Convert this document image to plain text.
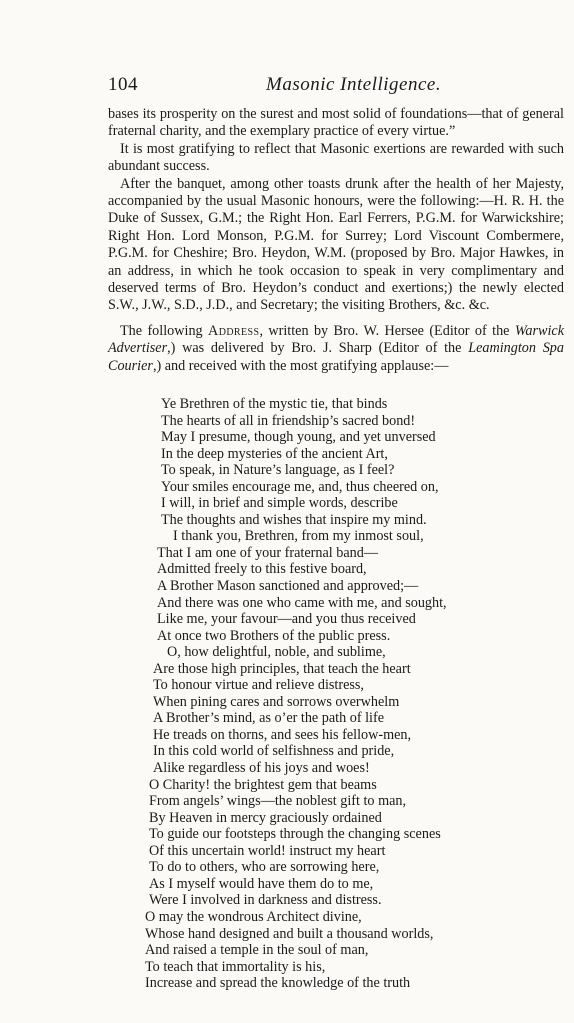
104	Masonic Intelligence.

bases its prosperity on the surest and most solid of foundations—that of general fraternal charity, and the exemplary practice of every virtue.”

It is most gratifying to reflect that Masonic exertions are rewarded with such abundant success.

After the banquet, among other toasts drunk after the health of her Majesty, accompanied by the usual Masonic honours, were the following:—H. R. H. the Duke of Sussex, G.M.; the Right Hon. Earl Ferrers, P.G.M. for Warwickshire; Right Hon. Lord Monson, P.G.M. for Surrey; Lord Viscount Combermere, P.G.M. for Cheshire; Bro. Heydon, W.M. (proposed by Bro. Major Hawkes, in an address, in which he took occasion to speak in very complimentary and deserved terms of Bro. Heydon’s conduct and exertions;) the newly elected S.W., J.W., S.D., J.D., and Secretary; the visiting Brothers, &c. &c.

The following Address, written by Bro. W. Hersee (Editor of the Warwick Advertiser,) was delivered by Bro. J. Sharp (Editor of the Leamington Spa Courier,) and received with the most gratifying applause:—

Ye Brethren of the mystic tie, that binds
The hearts of all in friendship’s sacred bond!
May I presume, though young, and yet unversed
In the deep mysteries of the ancient Art,
To speak, in Nature’s language, as I feel?
Your smiles encourage me, and, thus cheered on,
I will, in brief and simple words, describe
The thoughts and wishes that inspire my mind.
I thank you, Brethren, from my inmost soul,
That I am one of your fraternal band—
Admitted freely to this festive board,
A Brother Mason sanctioned and approved;—
And there was one who came with me, and sought,
Like me, your favour—and you thus received
At once two Brothers of the public press.
O, how delightful, noble, and sublime,
Are those high principles, that teach the heart
To honour virtue and relieve distress,
When pining cares and sorrows overwhelm
A Brother’s mind, as o’er the path of life
He treads on thorns, and sees his fellow-men,
In this cold world of selfishness and pride,
Alike regardless of his joys and woes!
O Charity! the brightest gem that beams
From angels’ wings—the noblest gift to man,
By Heaven in mercy graciously ordained
To guide our footsteps through the changing scenes
Of this uncertain world! instruct my heart
To do to others, who are sorrowing here,
As I myself would have them do to me,
Were I involved in darkness and distress.
O may the wondrous Architect divine,
Whose hand designed and built a thousand worlds,
And raised a temple in the soul of man,
To teach that immortality is his,
Increase and spread the knowledge of the truth
